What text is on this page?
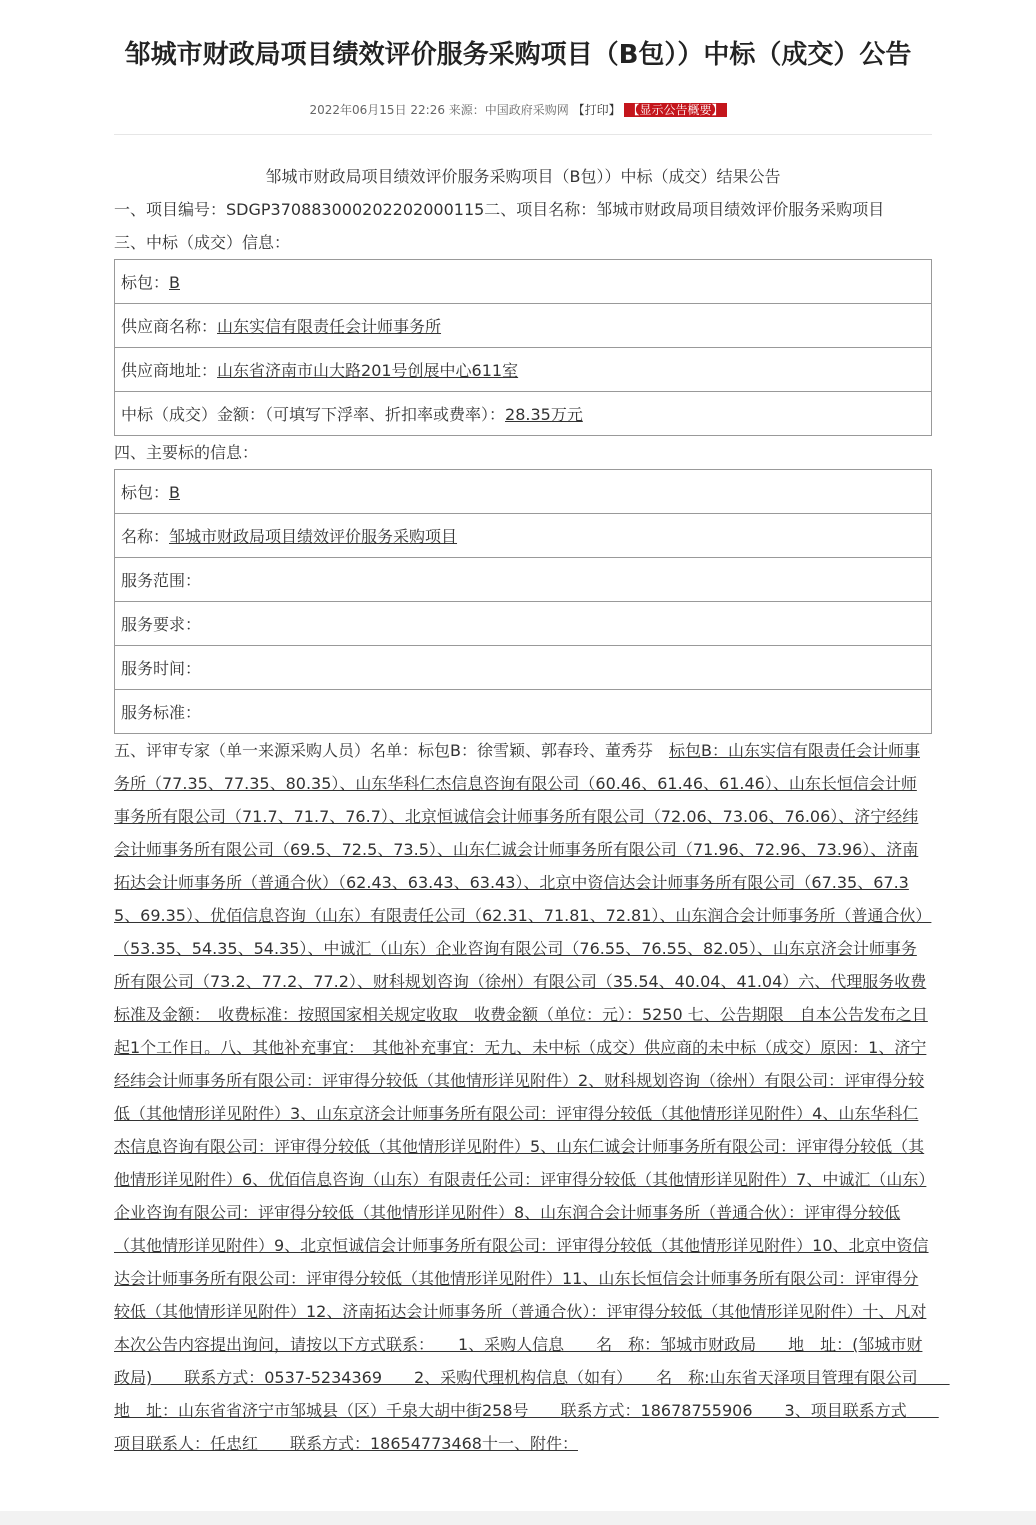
邹城市财政局项目绩效评价服务采购项目（B包））中标（成交）公告
2022年06月15日 22:26 来源：中国政府采购网 【打印】 【显示公告概要】
邹城市财政局项目绩效评价服务采购项目（B包））中标（成交）结果公告
一、项目编号：SDGP370883000202202000115二、项目名称：邹城市财政局项目绩效评价服务采购项目
三、中标（成交）信息：
标包：B
供应商名称：山东实信有限责任会计师事务所
供应商地址：山东省济南市山大路201号创展中心611室
中标（成交）金额：（可填写下浮率、折扣率或费率）：28.35万元
四、主要标的信息：
标包：B
名称：邹城市财政局项目绩效评价服务采购项目
服务范围：
服务要求：
服务时间：
服务标准：
五、评审专家（单一来源采购人员）名单：标包B：徐雪颖、郭春玲、董秀芬　标包B：山东实信有限责任会计师事务所（77.35、77.35、80.35）、山东华科仁杰信息咨询有限公司（60.46、61.46、61.46）、山东长恒信会计师事务所有限公司（71.7、71.7、76.7）、北京恒诚信会计师事务所有限公司（72.06、73.06、76.06）、济宁经纬会计师事务所有限公司（69.5、72.5、73.5）、山东仁诚会计师事务所有限公司（71.96、72.96、73.96）、济南拓达会计师事务所（普通合伙）（62.43、63.43、63.43）、北京中资信达会计师事务所有限公司（67.35、67.35、69.35）、优佰信息咨询（山东）有限责任公司（62.31、71.81、72.81）、山东润合会计师事务所（普通合伙）（53.35、54.35、54.35）、中诚汇（山东）企业咨询有限公司（76.55、76.55、82.05）、山东京济会计师事务所有限公司（73.2、77.2、77.2）、财科规划咨询（徐州）有限公司（35.54、40.04、41.04）六、代理服务收费标准及金额：　收费标准：按照国家相关规定收取　收费金额（单位：元）：5250 七、公告期限　自本公告发布之日起1个工作日。八、其他补充事宜：　其他补充事宜：无九、未中标（成交）供应商的未中标（成交）原因：1、济宁经纬会计师事务所有限公司：评审得分较低（其他情形详见附件）2、财科规划咨询（徐州）有限公司：评审得分较低（其他情形详见附件）3、山东京济会计师事务所有限公司：评审得分较低（其他情形详见附件）4、山东华科仁杰信息咨询有限公司：评审得分较低（其他情形详见附件）5、山东仁诚会计师事务所有限公司：评审得分较低（其他情形详见附件）6、优佰信息咨询（山东）有限责任公司：评审得分较低（其他情形详见附件）7、中诚汇（山东）企业咨询有限公司：评审得分较低（其他情形详见附件）8、山东润合会计师事务所（普通合伙）：评审得分较低（其他情形详见附件）9、北京恒诚信会计师事务所有限公司：评审得分较低（其他情形详见附件）10、北京中资信达会计师事务所有限公司：评审得分较低（其他情形详见附件）11、山东长恒信会计师事务所有限公司：评审得分较低（其他情形详见附件）12、济南拓达会计师事务所（普通合伙）：评审得分较低（其他情形详见附件）十、凡对本次公告内容提出询问，请按以下方式联系：　　1、采购人信息　　名　称：邹城市财政局　　地　址：(邹城市财政局)　　联系方式：0537-5234369　　2、采购代理机构信息（如有）　　名　称:山东省天泽项目管理有限公司　　地　址：山东省省济宁市邹城县（区）千泉大胡中街258号　　联系方式：18678755906　　3、项目联系方式　　项目联系人：任忠红　　联系方式：18654773468十一、附件：
